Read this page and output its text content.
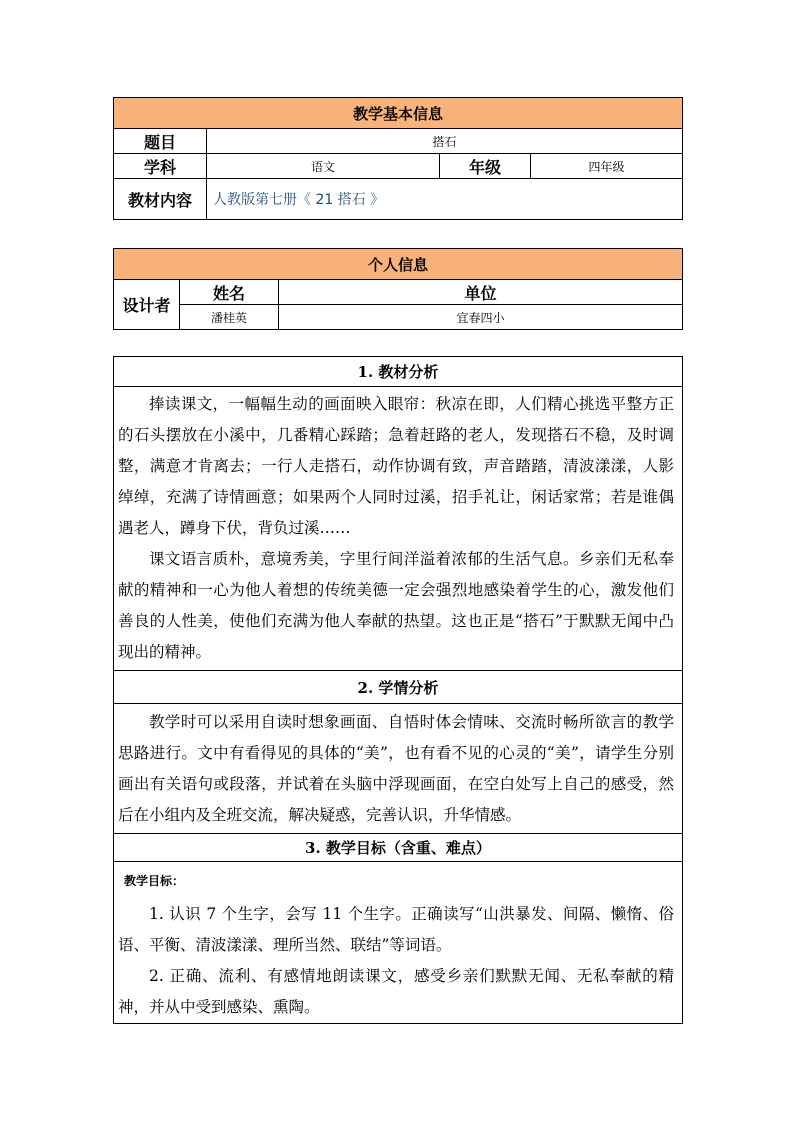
教学基本信息			
题目	搭石		
学科	语文	年级	四年级
教材内容	人教版第七册《 21 搭石 》		
个人信息		
设计者	姓名	单位
	潘桂英	宜春四小
1. 教材分析

捧读课文，一幅幅生动的画面映入眼帘：秋凉在即，人们精心挑选平整方正的石头摆放在小溪中，几番精心踩踏；急着赶路的老人，发现搭石不稳，及时调整，满意才肯离去；一行人走搭石，动作协调有致，声音踏踏，清波漾漾，人影绰绰，充满了诗情画意；如果两个人同时过溪，招手礼让，闲话家常；若是谁偶遇老人，蹲身下伏，背负过溪……

课文语言质朴，意境秀美，字里行间洋溢着浓郁的生活气息。乡亲们无私奉献的精神和一心为他人着想的传统美德一定会强烈地感染着学生的心，激发他们善良的人性美，使他们充满为他人奉献的热望。这也正是“搭石”于默默无闻中凸现出的精神。

2. 学情分析

教学时可以采用自读时想象画面、自悟时体会情味、交流时畅所欲言的教学思路进行。文中有看得见的具体的“美”，也有看不见的心灵的“美”，请学生分别画出有关语句或段落，并试着在头脑中浮现画面，在空白处写上自己的感受，然后在小组内及全班交流，解决疑惑，完善认识，升华情感。

3. 教学目标（含重、难点）

教学目标：

1. 认识 7 个生字，会写 11 个生字。正确读写“山洪暴发、间隔、懒惰、俗语、平衡、清波漾漾、理所当然、联结”等词语。

2. 正确、流利、有感情地朗读课文，感受乡亲们默默无闻、无私奉献的精神，并从中受到感染、熏陶。
